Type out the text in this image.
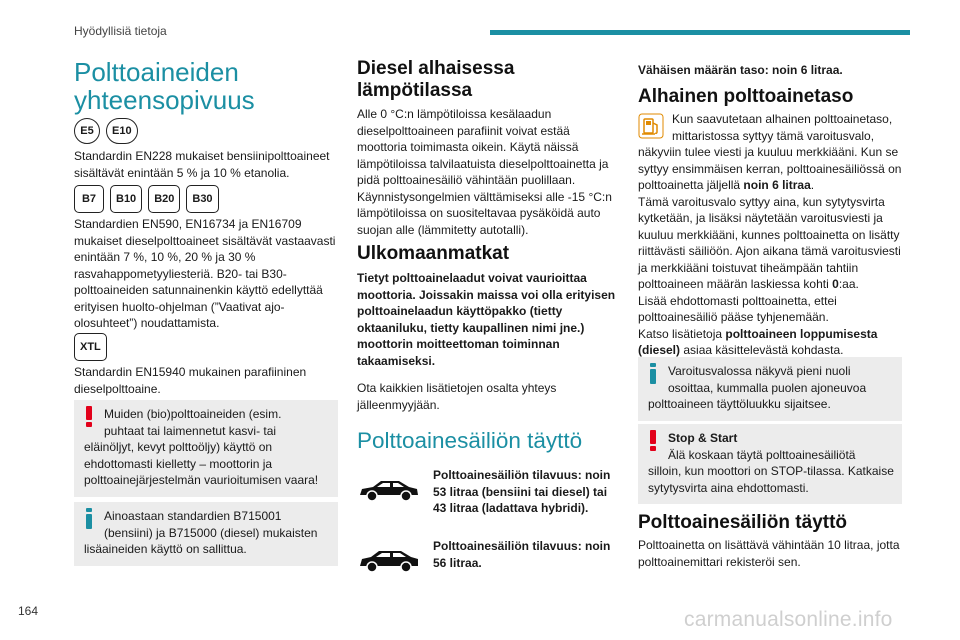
Hyödyllisiä tietoja
Polttoaineiden
yhteensopivuus
E5	E10
Standardin EN228 mukaiset bensiinipolttoaineet sisältävät enintään 5 % ja 10 % etanolia.
B7	B10	B20	B30
Standardien EN590, EN16734 ja EN16709 mukaiset dieselpolttoaineet sisältävät vastaavasti enintään 7 %, 10 %, 20 % ja 30 % rasvahappometyyliesteriä. B20- tai B30-polttoaineiden satunnainenkin käyttö edellyttää erityisen huolto-ohjelman (”Vaativat ajo-olosuhteet”) noudattamista.
XTL
Standardin EN15940 mukainen parafiininen dieselpolttoaine.
Muiden (bio)polttoaineiden (esim.
puhtaat tai laimennetut kasvi- tai
eläinöljyt, kevyt polttoöljy) käyttö on ehdottomasti kielletty – moottorin ja polttoainejärjestelmän vaurioitumisen vaara!
Ainoastaan standardien B715001
(bensiini) ja B715000 (diesel) mukaisten
lisäaineiden käyttö on sallittua.
Diesel alhaisessa
lämpötilassa
Alle 0 °C:n lämpötiloissa kesälaadun dieselpolttoaineen parafiinit voivat estää moottoria toimimasta oikein. Käytä näissä lämpötiloissa talvilaatuista dieselpolttoainetta ja pidä polttoainesäiliö vähintään puolillaan. Käynnistysongelmien välttämiseksi alle -15 °C:n lämpötiloissa on suositeltavaa pysäköidä auto suojan alle (lämmitetty autotalli).
Ulkomaanmatkat
Tietyt polttoainelaadut voivat vaurioittaa moottoria. Joissakin maissa voi olla erityisen polttoainelaadun käyttöpakko (tietty oktaaniluku, tietty kaupallinen nimi jne.) moottorin moitteettoman toiminnan takaamiseksi.
Ota kaikkien lisätietojen osalta yhteys jälleenmyyjään.
Polttoainesäiliön täyttö
Polttoainesäiliön tilavuus: noin 53 litraa (bensiini tai diesel) tai 43 litraa (ladattava hybridi).
Polttoainesäiliön tilavuus: noin 56 litraa.
Vähäisen määrän taso: noin 6 litraa.
Alhainen polttoainetaso
Kun saavutetaan alhainen polttoainetaso,
mittaristossa syttyy tämä varoitusvalo,
näkyviin tulee viesti ja kuuluu merkkiääni. Kun se syttyy ensimmäisen kerran, polttoainesäiliössä on polttoainetta jäljellä noin 6 litraa.
Tämä varoitusvalo syttyy aina, kun sytytysvirta kytketään, ja lisäksi näytetään varoitusviesti ja kuuluu merkkiääni, kunnes polttoainetta on lisätty riittävästi säiliöön. Ajon aikana tämä varoitusviesti ja merkkiääni toistuvat tiheämpään tahtiin polttoaineen määrän laskiessa kohti 0:aa.
Lisää ehdottomasti polttoainetta, ettei polttoainesäiliö pääse tyhjenemään.
Katso lisätietoja polttoaineen loppumisesta (diesel) asiaa käsittelevästä kohdasta.
Varoitusvalossa näkyvä pieni nuoli
osoittaa, kummalla puolen ajoneuvoa
polttoaineen täyttöluukku sijaitsee.
Stop & Start
Älä koskaan täytä polttoainesäiliötä
silloin, kun moottori on STOP-tilassa. Katkaise sytytysvirta aina ehdottomasti.
Polttoainesäiliön täyttö
Polttoainetta on lisättävä vähintään 10 litraa, jotta polttoainemittari rekisteröi sen.
164	carmanualsonline.info
